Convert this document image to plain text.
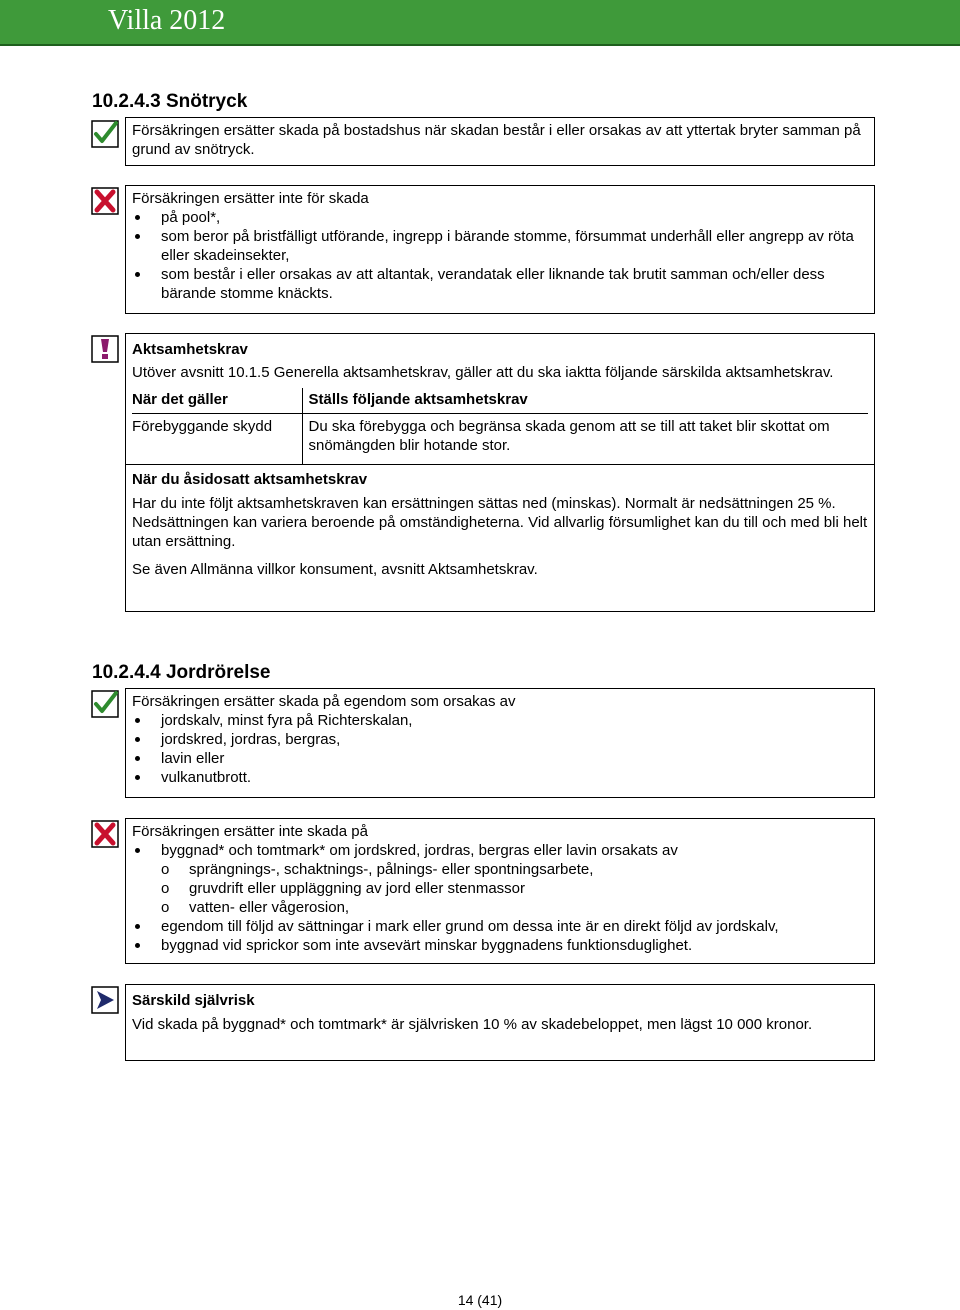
Villa 2012
10.2.4.3 Snötryck

Försäkringen ersätter skada på bostadshus när skadan består i eller orsakas av att yttertak bryter samman på grund av snötryck.

Försäkringen ersätter inte för skada

på pool*,
som beror på bristfälligt utförande, ingrepp i bärande stomme, försummat underhåll eller angrepp av röta eller skadeinsekter,
som består i eller orsakas av att altantak, verandatak eller liknande tak brutit samman och/eller dess bärande stomme knäckts.

Aktsamhetskrav

Utöver avsnitt 10.1.5 Generella aktsamhetskrav, gäller att du ska iaktta följande särskilda aktsamhetskrav.

När det gäller	Ställs följande aktsamhetskrav
Förebyggande skydd	Du ska förebygga och begränsa skada genom att se till att taket blir skottat om snömängden blir hotande stor.

När du åsidosatt aktsamhetskrav

Har du inte följt aktsamhetskraven kan ersättningen sättas ned (minskas). Normalt är nedsättningen 25 %. Nedsättningen kan variera beroende på omständigheterna. Vid allvarlig försumlighet kan du till och med bli helt utan ersättning.

Se även Allmänna villkor konsument, avsnitt Aktsamhetskrav.

10.2.4.4 Jordrörelse

Försäkringen ersätter skada på egendom som orsakas av

jordskalv, minst fyra på Richterskalan,
jordskred, jordras, bergras,
lavin eller
vulkanutbrott.

Försäkringen ersätter inte skada på

byggnad* och tomtmark* om jordskred, jordras, bergras eller lavin orsakats av
o sprängnings-, schaktnings-, pålnings- eller spontningsarbete,
o gruvdrift eller uppläggning av jord eller stenmassor
o vatten- eller vågerosion,
egendom till följd av sättningar i mark eller grund om dessa inte är en direkt följd av jordskalv,
byggnad vid sprickor som inte avsevärt minskar byggnadens funktionsduglighet.

Särskild självrisk

Vid skada på byggnad* och tomtmark* är självrisken 10 % av skadebeloppet, men lägst 10 000 kronor.

14 (41)
